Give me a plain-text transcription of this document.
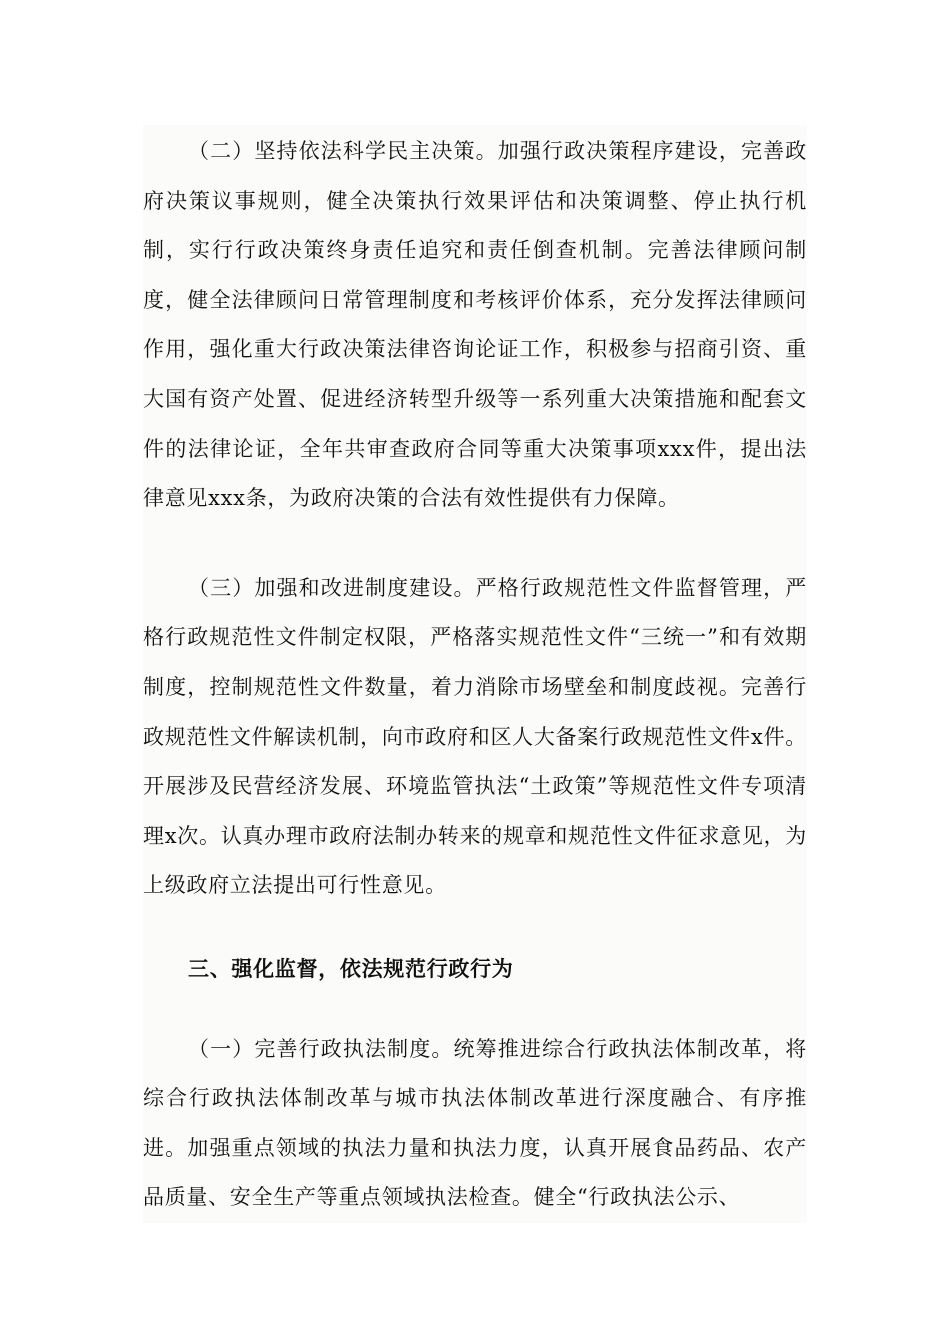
（二）坚持依法科学民主决策。加强行政决策程序建设，完善政府决策议事规则，健全决策执行效果评估和决策调整、停止执行机制，实行行政决策终身责任追究和责任倒查机制。完善法律顾问制度，健全法律顾问日常管理制度和考核评价体系，充分发挥法律顾问作用，强化重大行政决策法律咨询论证工作，积极参与招商引资、重大国有资产处置、促进经济转型升级等一系列重大决策措施和配套文件的法律论证，全年共审查政府合同等重大决策事项xxx件，提出法律意见xxx条，为政府决策的合法有效性提供有力保障。

（三）加强和改进制度建设。严格行政规范性文件监督管理，严格行政规范性文件制定权限，严格落实规范性文件“三统一”和有效期制度，控制规范性文件数量，着力消除市场壁垒和制度歧视。完善行政规范性文件解读机制，向市政府和区人大备案行政规范性文件x件。开展涉及民营经济发展、环境监管执法“土政策”等规范性文件专项清理x次。认真办理市政府法制办转来的规章和规范性文件征求意见，为上级政府立法提出可行性意见。

三、强化监督，依法规范行政行为

（一）完善行政执法制度。统筹推进综合行政执法体制改革，将综合行政执法体制改革与城市执法体制改革进行深度融合、有序推进。加强重点领域的执法力量和执法力度，认真开展食品药品、农产品质量、安全生产等重点领域执法检查。健全“行政执法公示、
